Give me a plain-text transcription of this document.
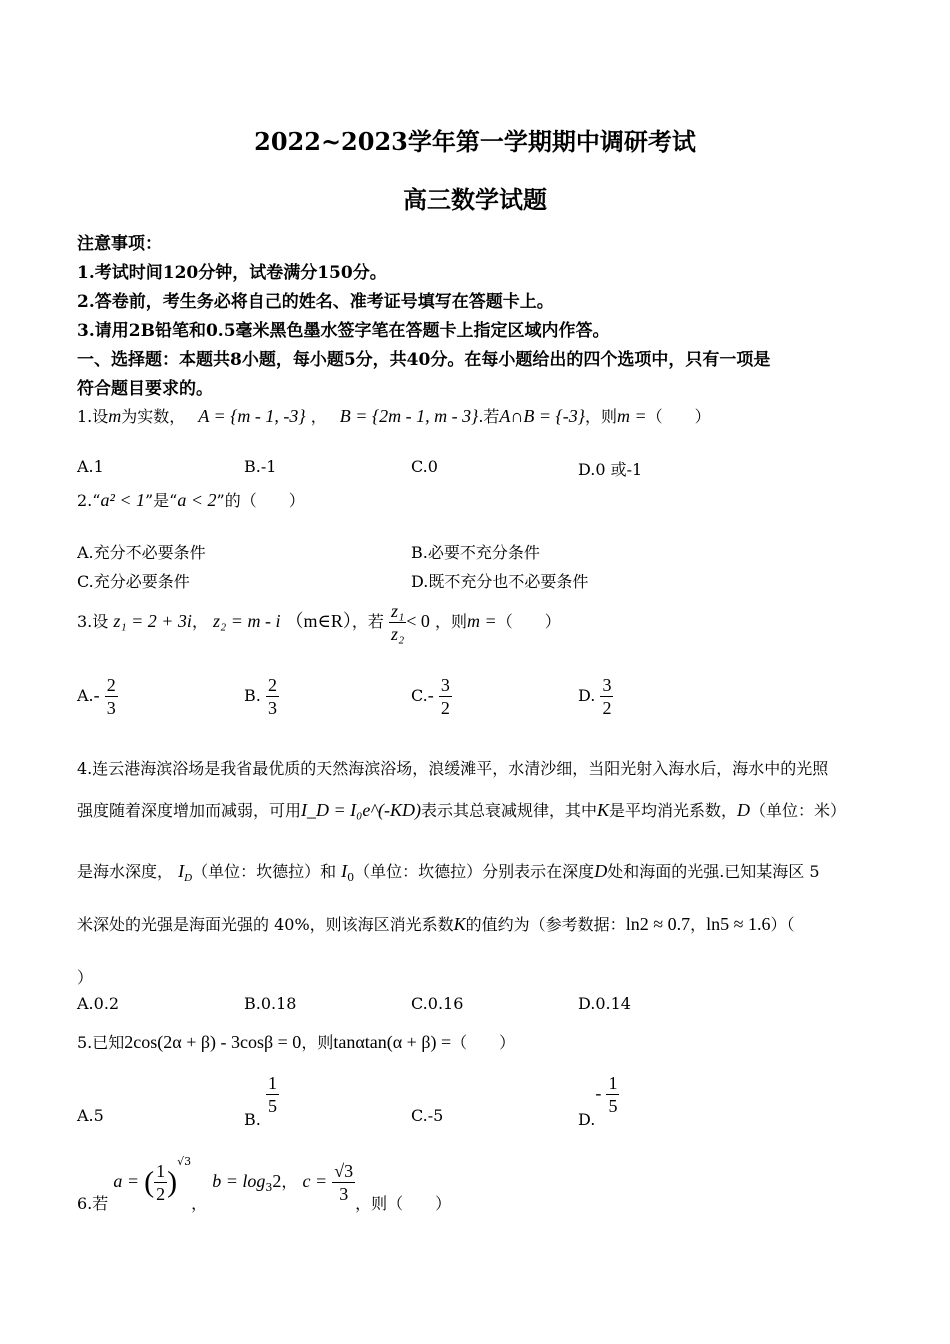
2022~2023学年第一学期期中调研考试
高三数学试题
注意事项：
1.考试时间120分钟，试卷满分150分。
2.答卷前，考生务必将自己的姓名、准考证号填写在答题卡上。
3.请用2B铅笔和0.5毫米黑色墨水签字笔在答题卡上指定区域内作答。
一、选择题：本题共8小题，每小题5分，共40分。在每小题给出的四个选项中，只有一项是
符合题目要求的。
1.设m为实数， A = {m - 1, -3} ， B = {2m - 1, m - 3}.若A∩B = {-3}，则m =（　　）
A.1	B.-1	C.0	D.0 或-1
2.“a² < 1”是“a < 2”的（　　）
A.充分不必要条件	B.必要不充分条件
C.充分必要条件	D.既不充分也不必要条件
3.设 z₁ = 2 + 3i， z₂ = m - i （m∈R），若 $\frac{\text{z₁}}{\text{z₂}} < 0$ ，则m =（　　）
$A.- \frac{2}{3}$	B. $\frac{2}{3}$	$C.- \frac{3}{2}$	D. $\frac{3}{2}$
4.连云港海滨浴场是我省最优质的天然海滨浴场，浪缓滩平，水清沙细，当阳光射入海水后，海水中的光照
强度随着深度增加而减弱，可用I_D = I₀e^(-KD)表示其总衰减规律，其中K是平均消光系数，D（单位：米）
是海水深度， $I_D$（单位：坎德拉）和 $I_0$（单位：坎德拉）分别表示在深度D处和海面的光强.已知某海区 5
米深处的光强是海面光强的 40%，则该海区消光系数K的值约为（参考数据：ln2 ≈ 0.7，ln5 ≈ 1.6）（
）
A.0.2	B.0.18	C.0.16	D.0.14
5.已知2cos(2α + β) - 3cosβ = 0，则tanαtan(α + β) =（　　）
A.5	B.
$\frac{1}{5}$	C.-5	$D.- \frac{1}{5}$
6.若 a = ( $\frac{1}{2} )^{√3}$， $b = \log_32$， $c = \frac{√3}{3}$ ，则（　　）
